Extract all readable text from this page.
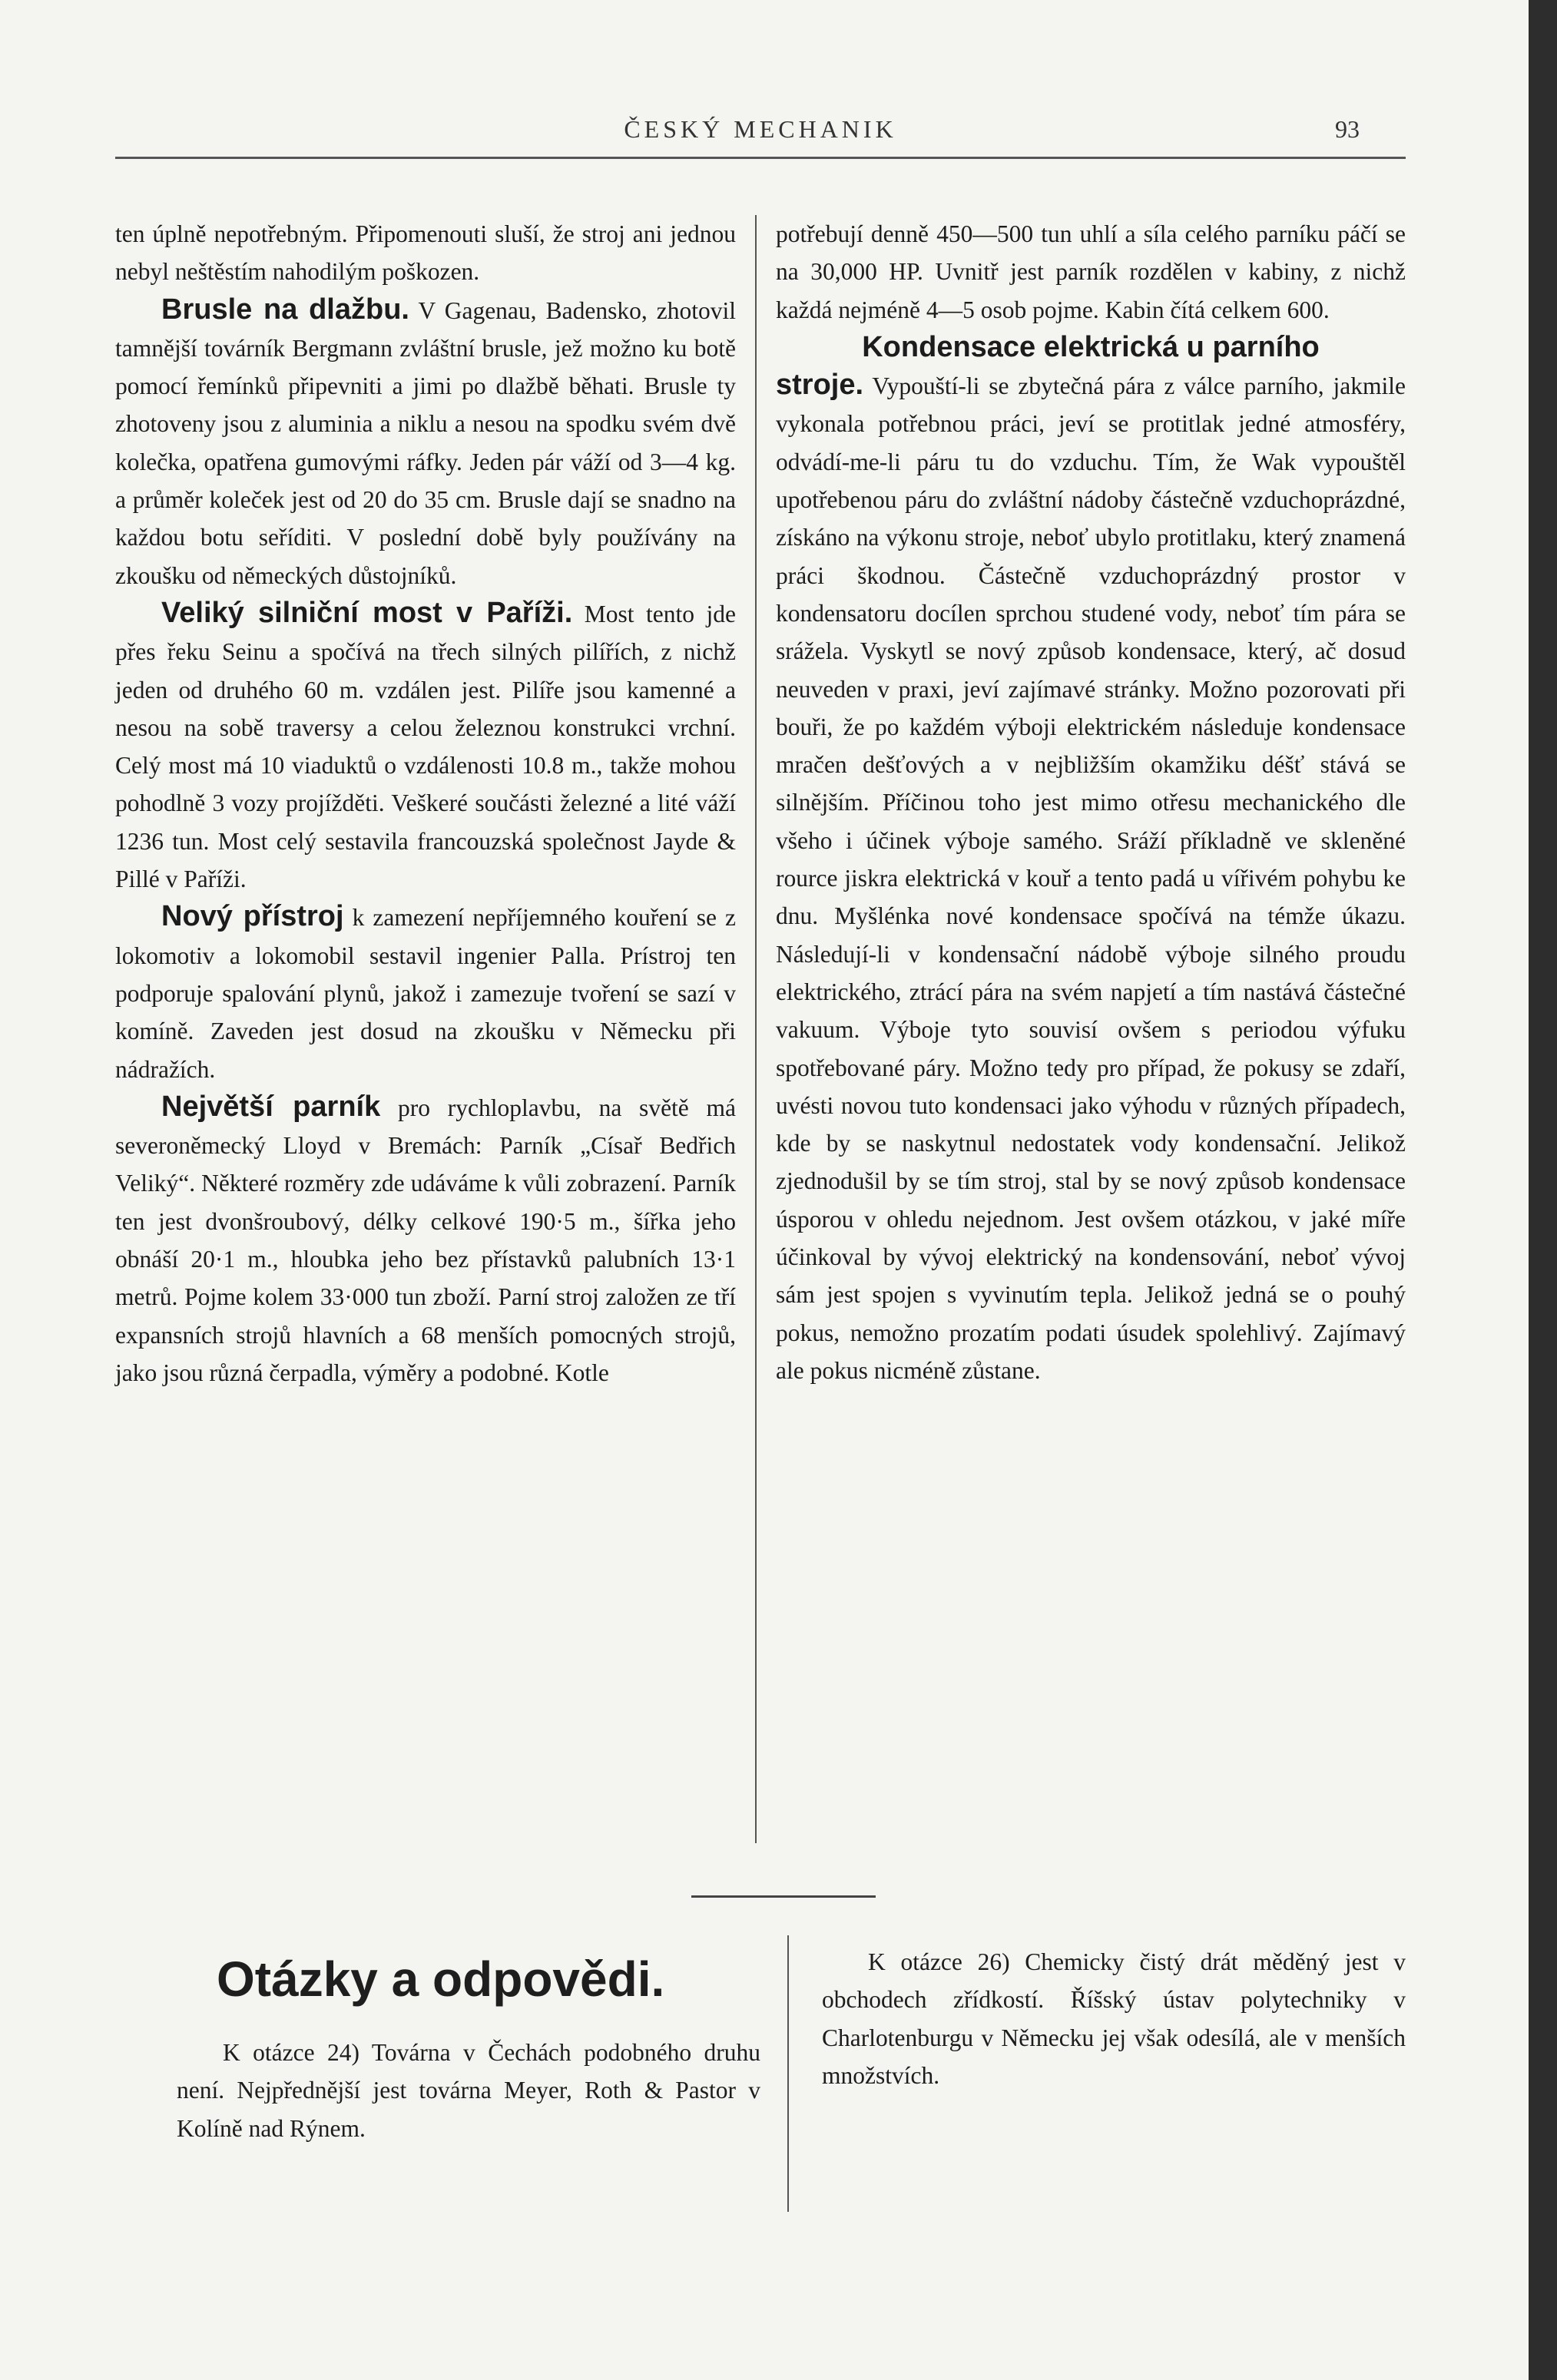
ČESKÝ MECHANIK	93

ten úplně nepotřebným. Připomenouti sluší, že stroj ani jednou nebyl neštěstím nahodilým poškozen.

Brusle na dlažbu. V Gagenau, Badensko, zhotovil tamnější továrník Bergmann zvláštní brusle, jež možno ku botě pomocí řemínků připevniti a jimi po dlažbě běhati. Brusle ty zhotoveny jsou z aluminia a niklu a nesou na spodku svém dvě kolečka, opatřena gumovými ráfky. Jeden pár váží od 3—4 kg. a průměr koleček jest od 20 do 35 cm. Brusle dají se snadno na každou botu seříditi. V poslední době byly používány na zkoušku od německých důstojníků.

Veliký silniční most v Paříži. Most tento jde přes řeku Seinu a spočívá na třech silných pilířích, z nichž jeden od druhého 60 m. vzdálen jest. Pilíře jsou kamenné a nesou na sobě traversy a celou železnou konstrukci vrchní. Celý most má 10 viaduktů o vzdálenosti 10.8 m., takže mohou pohodlně 3 vozy projížděti. Veškeré součásti železné a lité váží 1236 tun. Most celý sestavila francouzská společnost Jayde & Pillé v Paříži.

Nový přístroj k zamezení nepříjemného kouření se z lokomotiv a lokomobil sestavil ingenier Palla. Prístroj ten podporuje spalování plynů, jakož i zamezuje tvoření se sazí v komíně. Zaveden jest dosud na zkoušku v Německu při nádražích.

Největší parník pro rychloplavbu, na světě má severoněmecký Lloyd v Bremách: Parník „Císař Bedřich Veliký“. Některé rozměry zde udáváme k vůli zobrazení. Parník ten jest dvonšroubový, délky celkové 190·5 m., šířka jeho obnáší 20·1 m., hloubka jeho bez přístavků palubních 13·1 metrů. Pojme kolem 33·000 tun zboží. Parní stroj založen ze tří expansních strojů hlavních a 68 menších pomocných strojů, jako jsou různá čerpadla, výměry a podobné. Kotle

potřebují denně 450—500 tun uhlí a síla celého parníku páčí se na 30,000 HP. Uvnitř jest parník rozdělen v kabiny, z nichž každá nejméně 4—5 osob pojme. Kabin čítá celkem 600.

Kondensace elektrická u parního
stroje. Vypouští-li se zbytečná pára z válce parního, jakmile vykonala potřebnou práci, jeví se protitlak jedné atmosféry, odvádí-me-li páru tu do vzduchu. Tím, že Wak vypouštěl upotřebenou páru do zvláštní nádoby částečně vzduchoprázdné, získáno na výkonu stroje, neboť ubylo protitlaku, který znamená práci škodnou. Částečně vzduchoprázdný prostor v kondensatoru docílen sprchou studené vody, neboť tím pára se srážela. Vyskytl se nový způsob kondensace, který, ač dosud neuveden v praxi, jeví zajímavé stránky. Možno pozorovati při bouři, že po každém výboji elektrickém následuje kondensace mračen dešťových a v nejbližším okamžiku déšť stává se silnějším. Příčinou toho jest mimo otřesu mechanického dle všeho i účinek výboje samého. Sráží příkladně ve skleněné rource jiskra elektrická v kouř a tento padá u vířivém pohybu ke dnu. Myšlénka nové kondensace spočívá na témže úkazu. Následují-li v kondensační nádobě výboje silného proudu elektrického, ztrácí pára na svém napjetí a tím nastává částečné vakuum. Výboje tyto souvisí ovšem s periodou výfuku spotřebované páry. Možno tedy pro případ, že pokusy se zdaří, uvésti novou tuto kondensaci jako výhodu v různých případech, kde by se naskytnul nedostatek vody kondensační. Jelikož zjednodušil by se tím stroj, stal by se nový způsob kondensace úsporou v ohledu nejednom. Jest ovšem otázkou, v jaké míře účinkoval by vývoj elektrický na kondensování, neboť vývoj sám jest spojen s vyvinutím tepla. Jelikož jedná se o pouhý pokus, nemožno prozatím podati úsudek spolehlivý. Zajímavý ale pokus nicméně zůstane.

Otázky a odpovědi.

K otázce 24) Továrna v Čechách podobného druhu není. Nejpřednější jest továrna Meyer, Roth & Pastor v Kolíně nad Rýnem.

K otázce 26) Chemicky čistý drát měděný jest v obchodech zřídkostí. Říšský ústav polytechniky v Charlotenburgu v Německu jej však odesílá, ale v menších množstvích.
